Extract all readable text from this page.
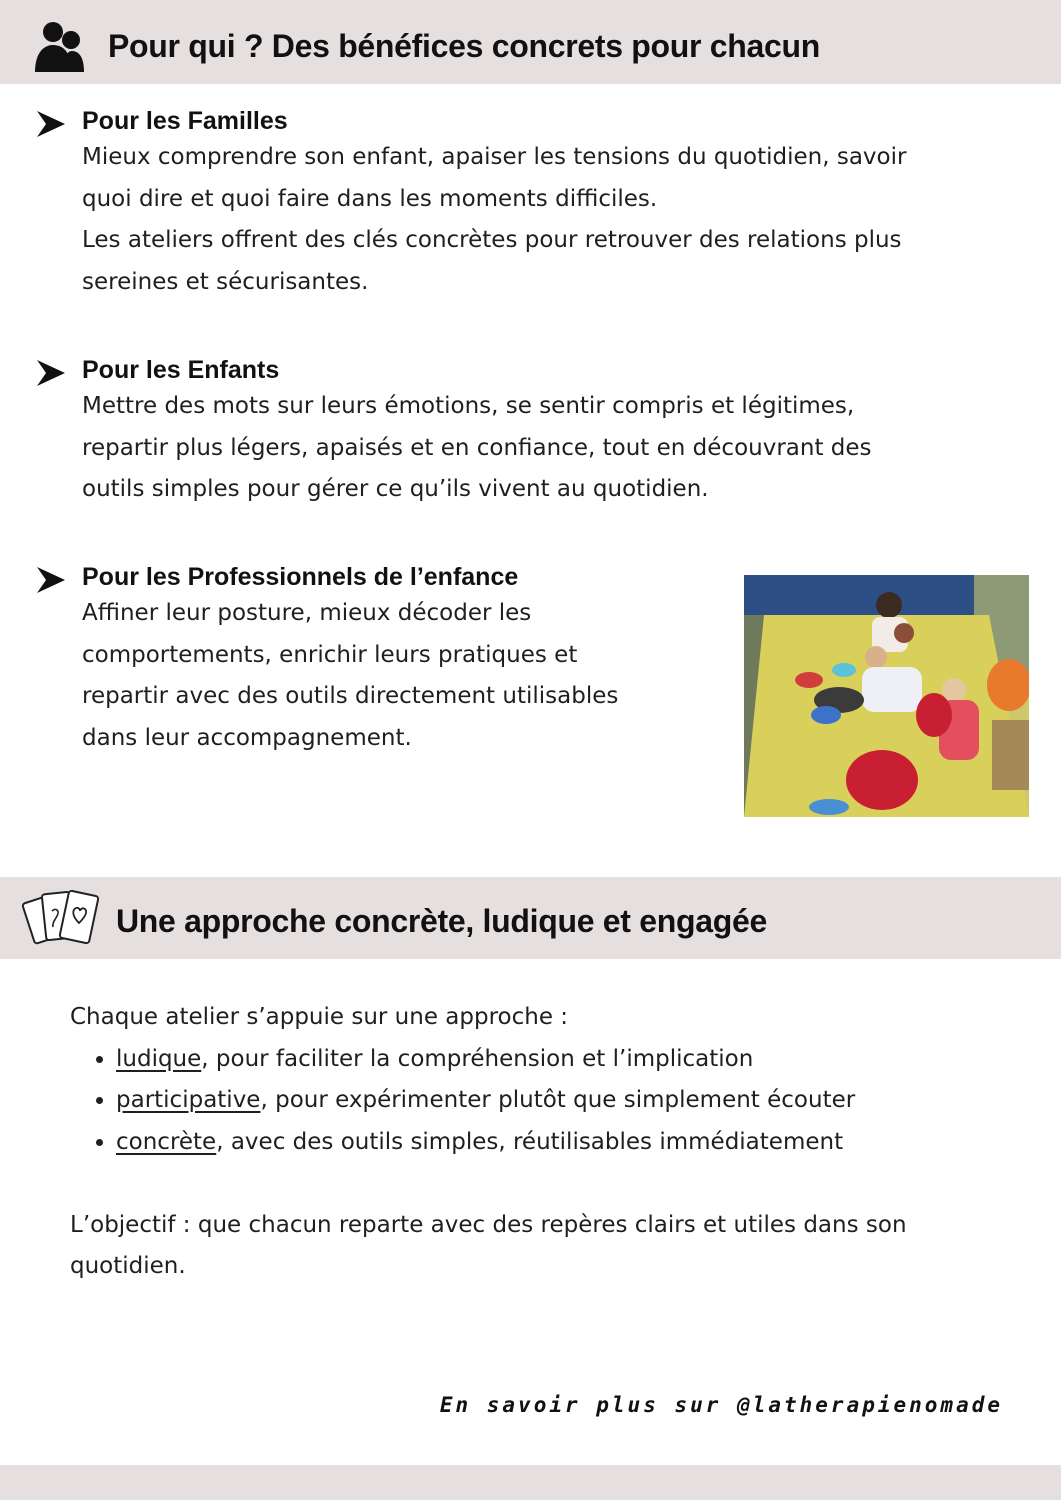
Pour qui ? Des bénéfices concrets pour chacun
Pour les Familles

Mieux comprendre son enfant, apaiser les tensions du quotidien, savoir
quoi dire et quoi faire dans les moments difficiles.
Les ateliers offrent des clés concrètes pour retrouver des relations plus
sereines et sécurisantes.

Pour les Enfants

Mettre des mots sur leurs émotions, se sentir compris et légitimes,
repartir plus légers, apaisés et en confiance, tout en découvrant des
outils simples pour gérer ce qu’ils vivent au quotidien.

Pour les Professionnels de l’enfance

Affiner leur posture, mieux décoder les
comportements, enrichir leurs pratiques et
repartir avec des outils directement utilisables
dans leur accompagnement.

Une approche concrète, ludique et engagée

Chaque atelier s’appuie sur une approche :

• ludique, pour faciliter la compréhension et l’implication
• participative, pour expérimenter plutôt que simplement écouter
• concrète, avec des outils simples, réutilisables immédiatement

L’objectif : que chacun reparte avec des repères clairs et utiles dans son quotidien.

En savoir plus sur @latherapienomade
